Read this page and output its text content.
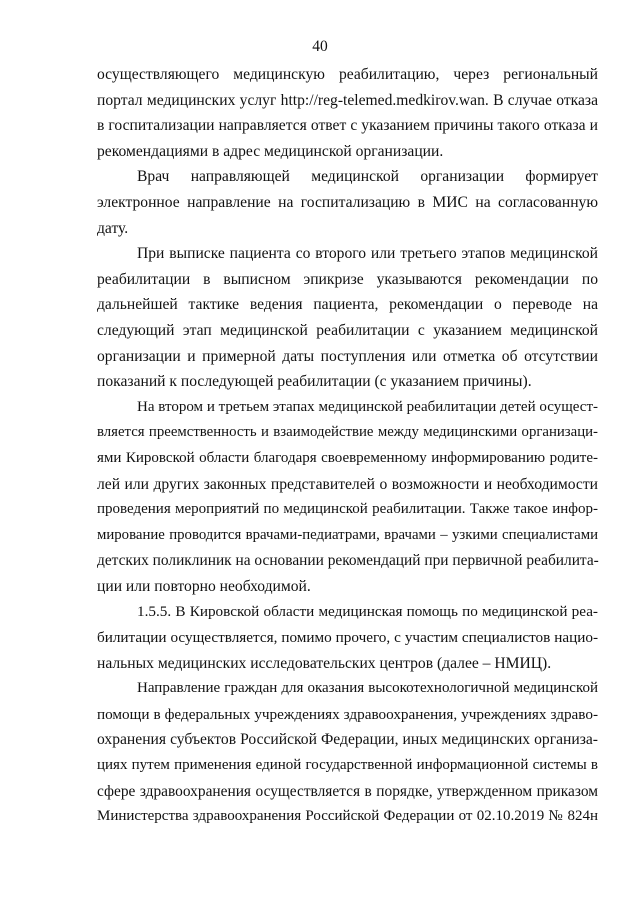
40
осуществляющего медицинскую реабилитацию, через региональный
портал медицинских услуг http://reg-telemed.medkirov.wan. В случае отказа
в госпитализации направляется ответ с указанием причины такого отказа и
рекомендациями в адрес медицинской организации.
Врач направляющей медицинской организации формирует
электронное направление на госпитализацию в МИС на согласованную
дату.
При выписке пациента со второго или третьего этапов медицинской
реабилитации в выписном эпикризе указываются рекомендации по
дальнейшей тактике ведения пациента, рекомендации о переводе на
следующий этап медицинской реабилитации с указанием медицинской
организации и примерной даты поступления или отметка об отсутствии
показаний к последующей реабилитации (с указанием причины).
На втором и третьем этапах медицинской реабилитации детей осущест-
вляется преемственность и взаимодействие между медицинскими организаци-
ями Кировской области благодаря своевременному информированию родите-
лей или других законных представителей о возможности и необходимости
проведения мероприятий по медицинской реабилитации. Также такое инфор-
мирование проводится врачами-педиатрами, врачами – узкими специалистами
детских поликлиник на основании рекомендаций при первичной реабилита-
ции или повторно необходимой.
1.5.5. В Кировской области медицинская помощь по медицинской реа-
билитации осуществляется, помимо прочего, с участим специалистов нацио-
нальных медицинских исследовательских центров (далее – НМИЦ).
Направление граждан для оказания высокотехнологичной медицинской
помощи в федеральных учреждениях здравоохранения, учреждениях здраво-
охранения субъектов Российской Федерации, иных медицинских организа-
циях путем применения единой государственной информационной системы в
сфере здравоохранения осуществляется в порядке, утвержденном приказом
Министерства здравоохранения Российской Федерации от 02.10.2019 № 824н
